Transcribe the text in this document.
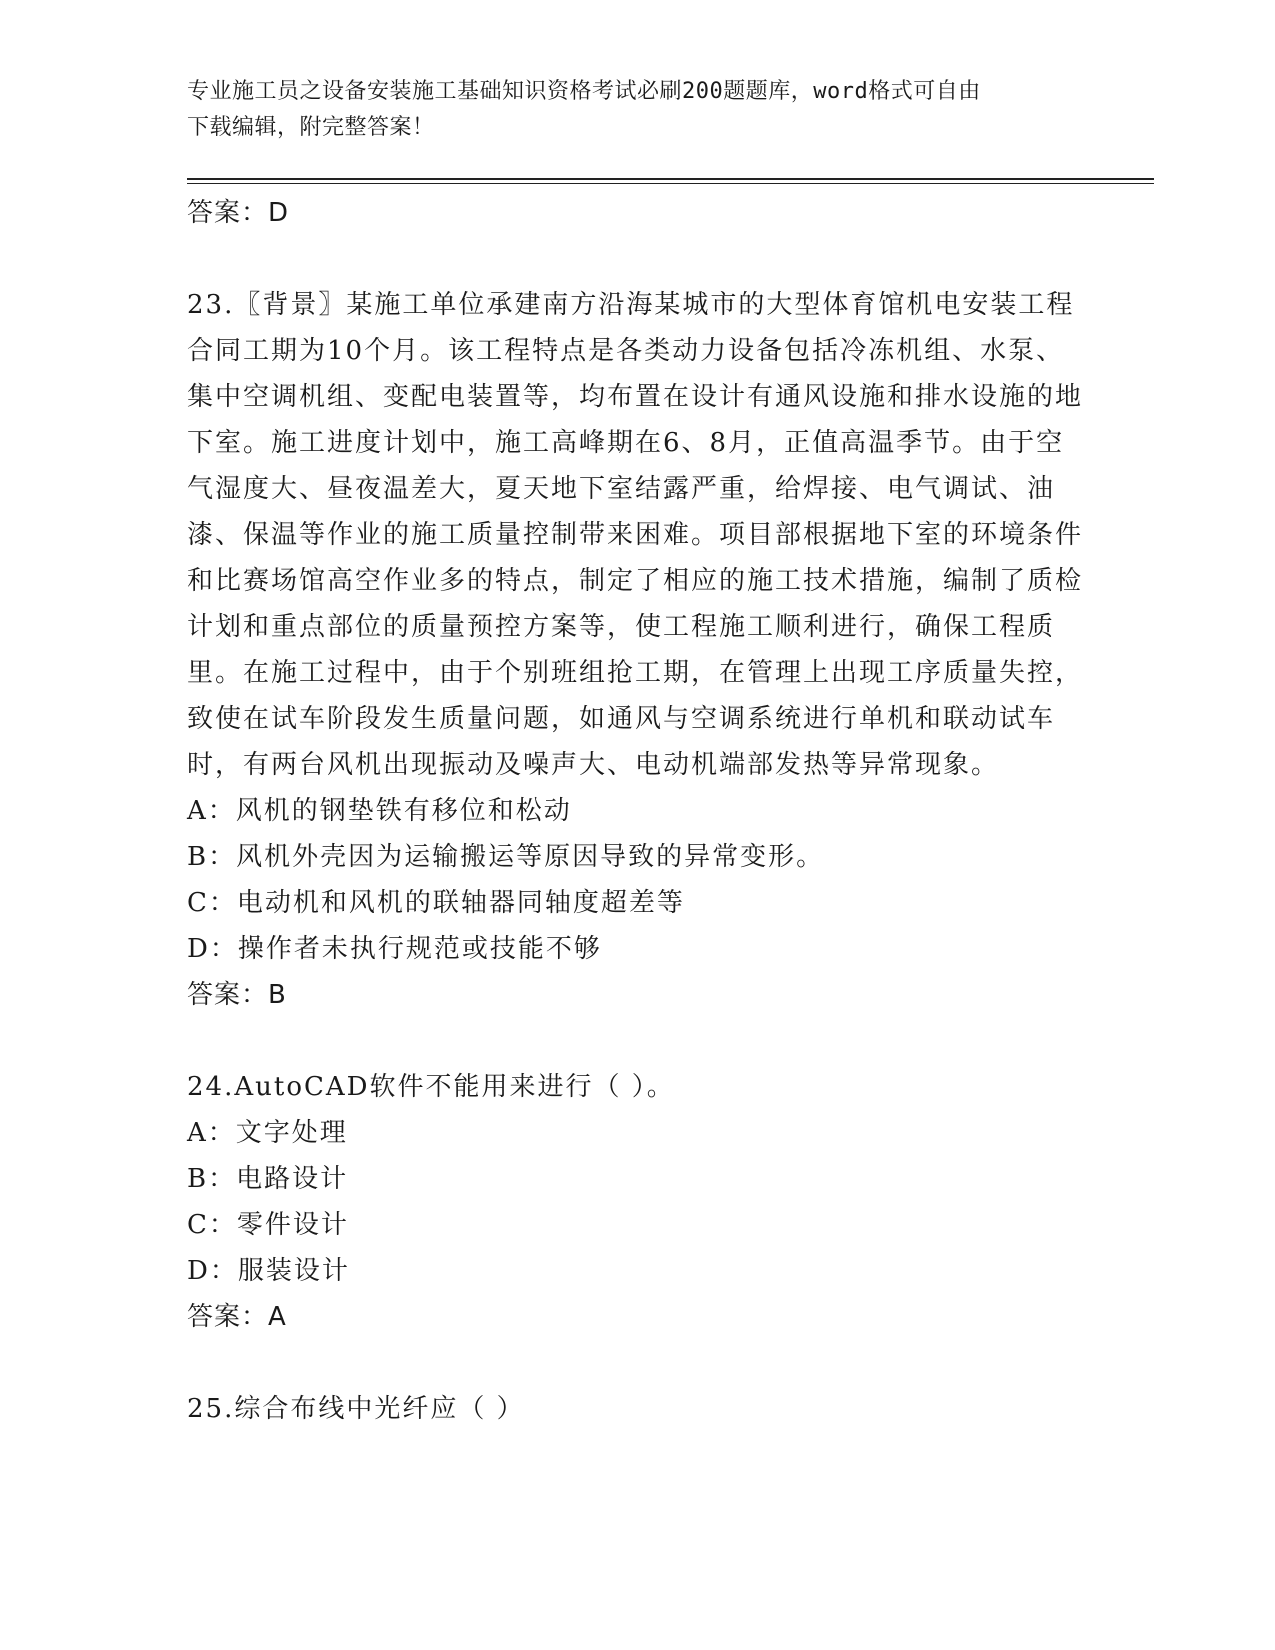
专业施工员之设备安装施工基础知识资格考试必刷200题题库，word格式可自由
下载编辑，附完整答案！
答案：D
23.〖背景〗某施工单位承建南方沿海某城市的大型体育馆机电安装工程合同工期为10个月。该工程特点是各类动力设备包括冷冻机组、水泵、集中空调机组、变配电装置等，均布置在设计有通风设施和排水设施的地下室。施工进度计划中，施工高峰期在6、8月，正值高温季节。由于空气湿度大、昼夜温差大，夏天地下室结露严重，给焊接、电气调试、油漆、保温等作业的施工质量控制带来困难。项目部根据地下室的环境条件和比赛场馆高空作业多的特点，制定了相应的施工技术措施，编制了质检计划和重点部位的质量预控方案等，使工程施工顺利进行，确保工程质里。在施工过程中，由于个别班组抢工期，在管理上出现工序质量失控，致使在试车阶段发生质量问题，如通风与空调系统进行单机和联动试车时，有两台风机出现振动及噪声大、电动机端部发热等异常现象。
A：风机的钢垫铁有移位和松动
B：风机外壳因为运输搬运等原因导致的异常变形。
C：电动机和风机的联轴器同轴度超差等
D：操作者未执行规范或技能不够
答案：B
24.AutoCAD软件不能用来进行（ ）。
A：文字处理
B：电路设计
C：零件设计
D：服装设计
答案：A
25.综合布线中光纤应（ ）
